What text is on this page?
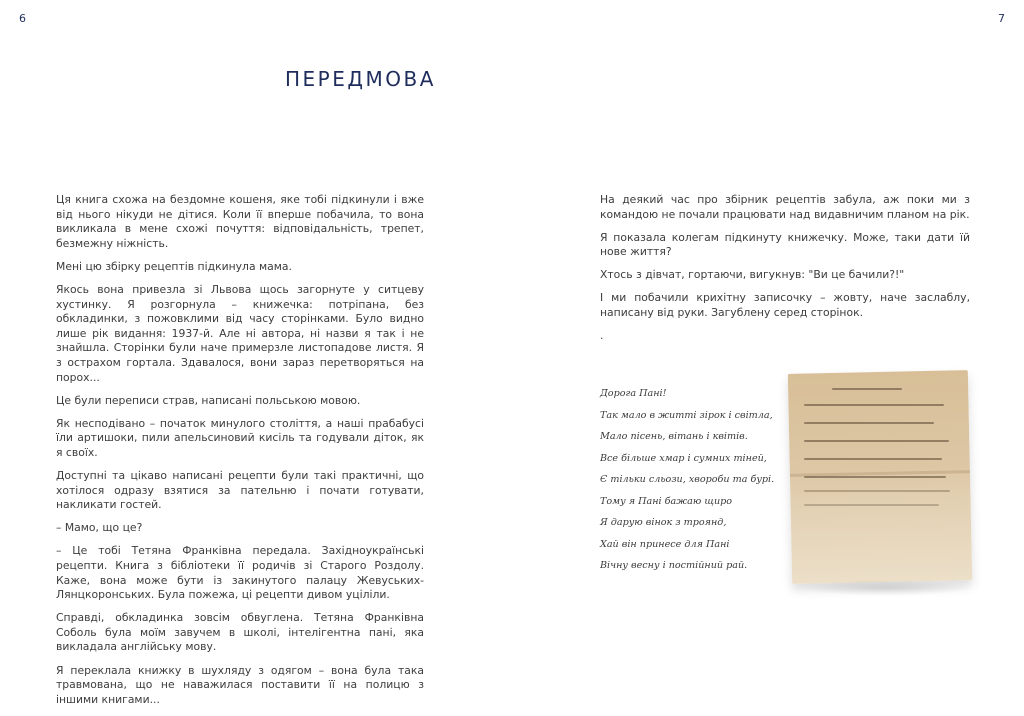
6	7
ПЕРЕДМОВА

Ця книга схожа на бездомне кошеня, яке тобі підкинули і вже від нього нікуди не дітися. Коли її вперше побачила, то вона викликала в мене схожі почуття: відповідальність, трепет, безмежну ніжність.

Мені цю збірку рецептів підкинула мама.

Якось вона привезла зі Львова щось загорнуте у ситцеву хустинку. Я розгорнула – книжечка: потріпана, без обкладинки, з пожовклими від часу сторінками. Було видно лише рік видання: 1937-й. Але ні автора, ні назви я так і не знайшла. Сторінки були наче примерзле листопадове листя. Я з острахом гортала. Здавалося, вони зараз перетворяться на порох...

Це були переписи страв, написані польською мовою.

Як несподівано – початок минулого століття, а наші прабабусі їли артишоки, пили апельсиновий кисіль та годували діток, як я своїх.

Доступні та цікаво написані рецепти були такі практичні, що хотілося одразу взятися за пательню і почати готувати, накликати гостей.

– Мамо, що це?

– Це тобі Тетяна Франківна передала. Західноукраїнські рецепти. Книга з бібліотеки її родичів зі Старого Роздолу. Каже, вона може бути із закинутого палацу Жевуських-Лянцкоронських. Була пожежа, ці рецепти дивом уціліли.

Справді, обкладинка зовсім обвуглена. Тетяна Франківна Соболь була моїм завучем в школі, інтелігентна пані, яка викладала англійську мову.

Я переклала книжку в шухляду з одягом – вона була така травмована, що не наважилася поставити її на полицю з іншими книгами...

На деякий час про збірник рецептів забула, аж поки ми з командою не почали працювати над видавничим планом на рік.

Я показала колегам підкинуту книжечку. Може, таки дати їй нове життя?

Хтось з дівчат, гортаючи, вигукнув: "Ви це бачили?!"

І ми побачили крихітну записочку – жовту, наче заслаблу, написану від руки. Загублену серед сторінок.

.

Дорога Пані!
Так мало в житті зірок і світла,
Мало пісень, вітань і квітів.
Все більше хмар і сумних тіней,
Є тільки сльози, хвороби та бурі.
Тому я Пані бажаю щиро
Я дарую вінок з троянд,
Хай він принесе для Пані
Вічну весну і постійний рай.
